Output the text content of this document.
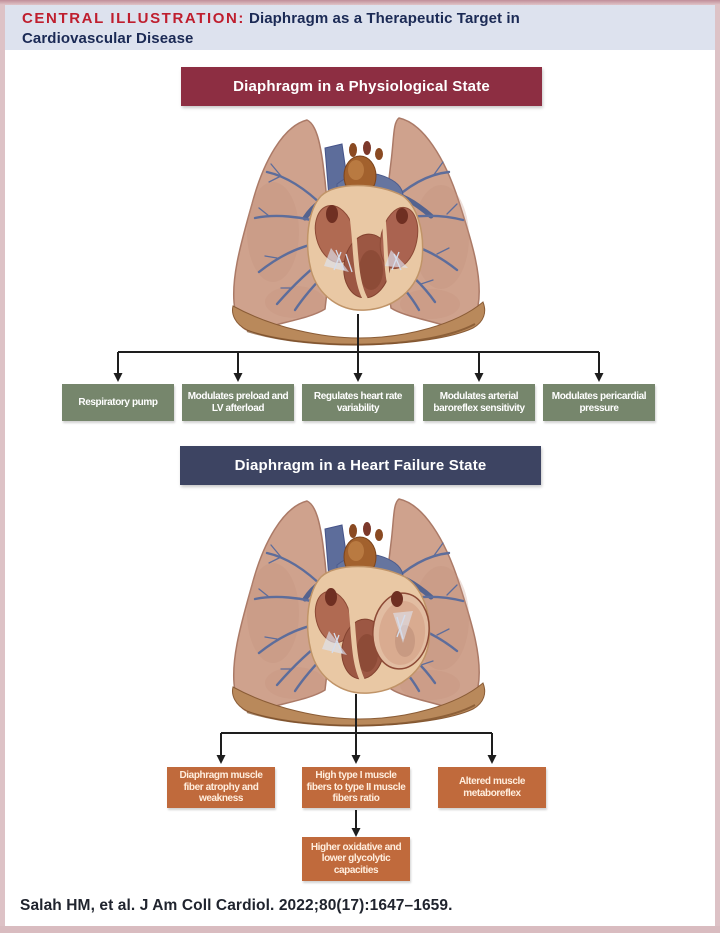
CENTRAL ILLUSTRATION: Diaphragm as a Therapeutic Target in Cardiovascular Disease
Diaphragm in a Physiological State
Respiratory pump
Modulates preload and LV afterload
Regulates heart rate variability
Modulates arterial baroreflex sensitivity
Modulates pericardial pressure
Diaphragm in a Heart Failure State
Diaphragm muscle fiber atrophy and weakness
High type I muscle fibers to type II muscle fibers ratio
Altered muscle metaboreflex
Higher oxidative and lower glycolytic capacities
Salah HM, et al. J Am Coll Cardiol. 2022;80(17):1647–1659.
